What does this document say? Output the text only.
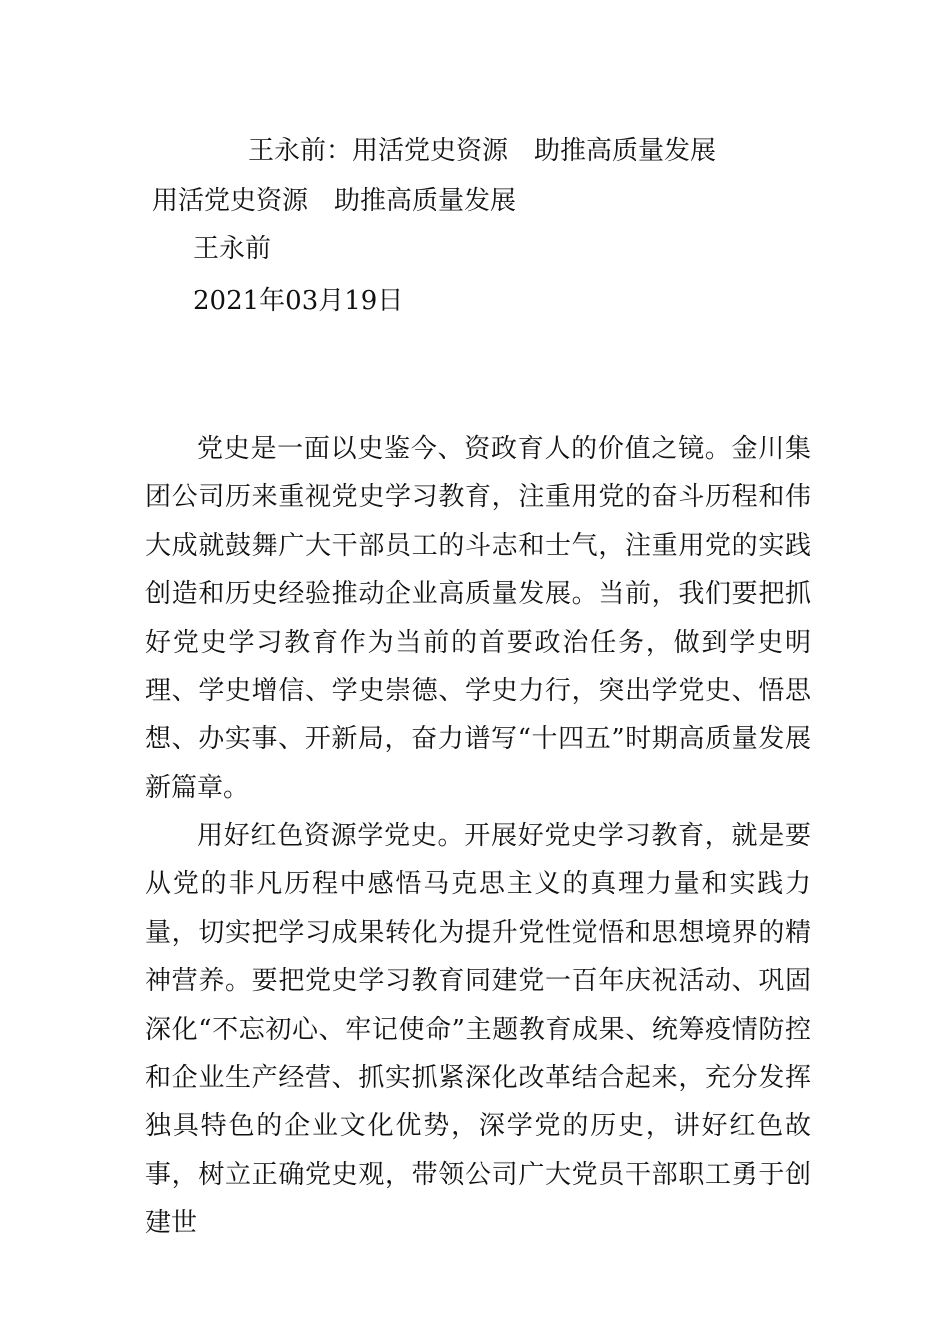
王永前：用活党史资源　助推高质量发展
用活党史资源　助推高质量发展
王永前
2021年03月19日

党史是一面以史鉴今、资政育人的价值之镜。金川集团公司历来重视党史学习教育，注重用党的奋斗历程和伟大成就鼓舞广大干部员工的斗志和士气，注重用党的实践创造和历史经验推动企业高质量发展。当前，我们要把抓好党史学习教育作为当前的首要政治任务，做到学史明理、学史增信、学史崇德、学史力行，突出学党史、悟思想、办实事、开新局，奋力谱写“十四五”时期高质量发展新篇章。

用好红色资源学党史。开展好党史学习教育，就是要从党的非凡历程中感悟马克思主义的真理力量和实践力量，切实把学习成果转化为提升党性觉悟和思想境界的精神营养。要把党史学习教育同建党一百年庆祝活动、巩固深化“不忘初心、牢记使命”主题教育成果、统筹疫情防控和企业生产经营、抓实抓紧深化改革结合起来，充分发挥独具特色的企业文化优势，深学党的历史，讲好红色故事，树立正确党史观，带领公司广大党员干部职工勇于创建世
